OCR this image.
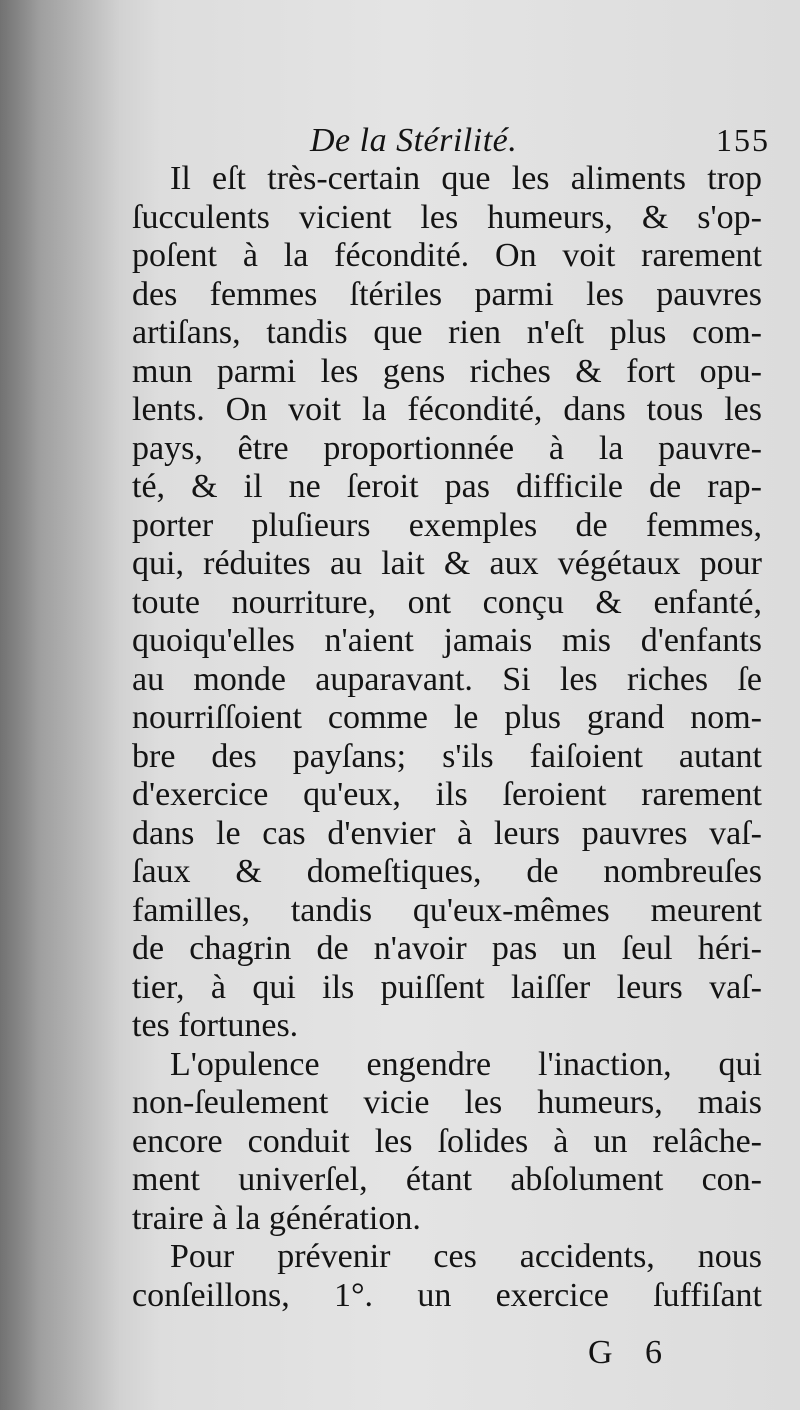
De la Stérilité.	155
Il eſt très-certain que les aliments trop
ſucculents vicient les humeurs, & s'op-
poſent à la fécondité. On voit rarement
des femmes ſtériles parmi les pauvres
artiſans, tandis que rien n'eſt plus com-
mun parmi les gens riches & fort opu-
lents. On voit la fécondité, dans tous les
pays, être proportionnée à la pauvre-
té, & il ne ſeroit pas difficile de rap-
porter pluſieurs exemples de femmes,
qui, réduites au lait & aux végétaux pour
toute nourriture, ont conçu & enfanté,
quoiqu'elles n'aient jamais mis d'enfants
au monde auparavant. Si les riches ſe
nourriſſoient comme le plus grand nom-
bre des payſans; s'ils faiſoient autant
d'exercice qu'eux, ils ſeroient rarement
dans le cas d'envier à leurs pauvres vaſ-
ſaux & domeſtiques, de nombreuſes
familles, tandis qu'eux-mêmes meurent
de chagrin de n'avoir pas un ſeul héri-
tier, à qui ils puiſſent laiſſer leurs vaſ-
tes fortunes.
L'opulence engendre l'inaction, qui
non-ſeulement vicie les humeurs, mais
encore conduit les ſolides à un relâche-
ment univerſel, étant abſolument con-
traire à la génération.
Pour prévenir ces accidents, nous
conſeillons, 1°. un exercice ſuffiſant
G 6
